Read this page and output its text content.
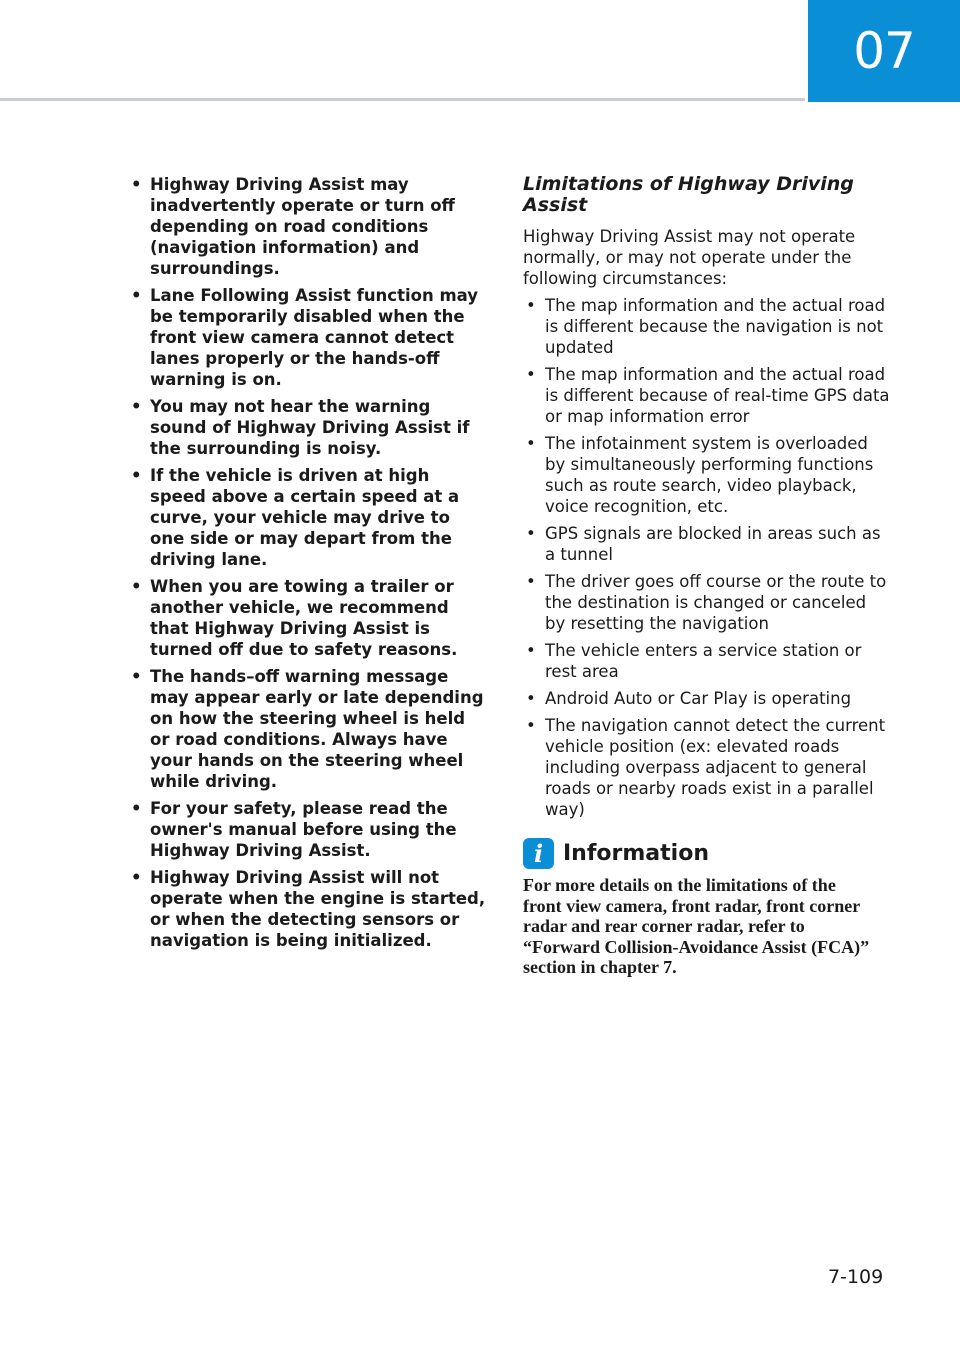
07
• Highway Driving Assist may inadvertently operate or turn off depending on road conditions (navigation information) and surroundings.
• Lane Following Assist function may be temporarily disabled when the front view camera cannot detect lanes properly or the hands-off warning is on.
• You may not hear the warning sound of Highway Driving Assist if the surrounding is noisy.
• If the vehicle is driven at high speed above a certain speed at a curve, your vehicle may drive to one side or may depart from the driving lane.
• When you are towing a trailer or another vehicle, we recommend that Highway Driving Assist is turned off due to safety reasons.
• The hands–off warning message may appear early or late depending on how the steering wheel is held or road conditions. Always have your hands on the steering wheel while driving.
• For your safety, please read the owner's manual before using the Highway Driving Assist.
• Highway Driving Assist will not operate when the engine is started, or when the detecting sensors or navigation is being initialized.
Limitations of Highway Driving Assist

Highway Driving Assist may not operate normally, or may not operate under the following circumstances:

• The map information and the actual road is different because the navigation is not updated
• The map information and the actual road is different because of real-time GPS data or map information error
• The infotainment system is overloaded by simultaneously performing functions such as route search, video playback, voice recognition, etc.
• GPS signals are blocked in areas such as a tunnel
• The driver goes off course or the route to the destination is changed or canceled by resetting the navigation
• The vehicle enters a service station or rest area
• Android Auto or Car Play is operating
• The navigation cannot detect the current vehicle position (ex: elevated roads including overpass adjacent to general roads or nearby roads exist in a parallel way)
i Information
For more details on the limitations of the front view camera, front radar, front corner radar and rear corner radar, refer to “Forward Collision-Avoidance Assist (FCA)” section in chapter 7.
7-109
